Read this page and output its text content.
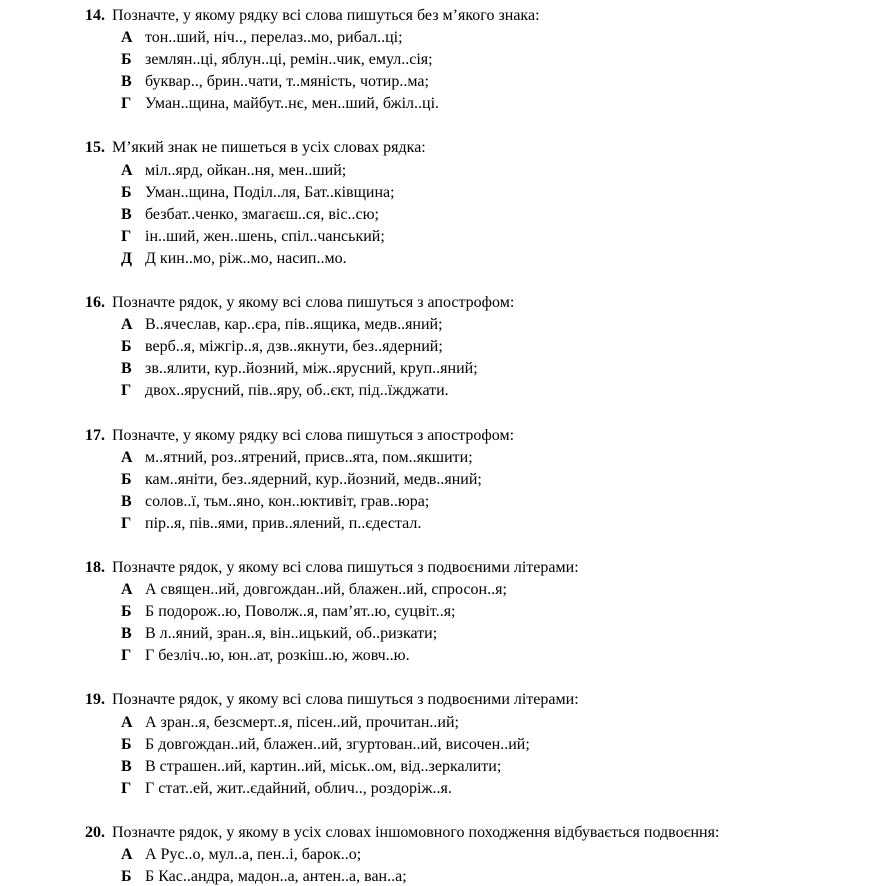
14. Позначте, у якому рядку всі слова пишуться без м’якого знака:
А тон..ший, ніч.., перелаз..мо, рибал..ці;
Б землян..ці, яблун..ці, ремін..чик, емул..сія;
В буквар.., брин..чати, т..мяність, чотир..ма;
Г Уман..щина, майбут..нє, мен..ший, бжіл..ці.
15. М’який знак не пишеться в усіх словах рядка:
А міл..ярд, ойкан..ня, мен..ший;
Б Уман..щина, Поділ..ля, Бат..ківщина;
В безбат..ченко, змагаєш..ся, віс..сю;
Г ін..ший, жен..шень, спіл..чанський;
Д Д кин..мо, ріж..мо, насип..мо.
16. Позначте рядок, у якому всі слова пишуться з апострофом:
А В..ячеслав, кар..єра, пів..ящика, медв..яний;
Б верб..я, міжгір..я, дзв..якнути, без..ядерний;
В зв..ялити, кур..йозний, між..ярусний, круп..яний;
Г двох..ярусний, пів..яру, об..єкт, під..їжджати.
17. Позначте, у якому рядку всі слова пишуться з апострофом:
А м..ятний, роз..ятрений, присв..ята, пом..якшити;
Б кам..яніти, без..ядерний, кур..йозний, медв..яний;
В солов..ї, тьм..яно, кон..юктивіт, грав..юра;
Г пір..я, пів..ями, прив..ялений, п..єдестал.
18. Позначте рядок, у якому всі слова пишуться з подвоєними літерами:
А А священ..ий, довгождан..ий, блажен..ий, спросон..я;
Б Б подорож..ю, Поволж..я, пам’ят..ю, суцвіт..я;
В В л..яний, зран..я, він..ицький, об..ризкати;
Г Г безліч..ю, юн..ат, розкіш..ю, жовч..ю.
19. Позначте рядок, у якому всі слова пишуться з подвоєними літерами:
А А зран..я, безсмерт..я, пісен..ий, прочитан..ий;
Б Б довгождан..ий, блажен..ий, згуртован..ий, височен..ий;
В В страшен..ий, картин..ий, міськ..ом, від..зеркалити;
Г Г стат..ей, жит..єдайний, облич.., роздоріж..я.
20. Позначте рядок, у якому в усіх словах іншомовного походження відбувається подвоєння:
А А Рус..о, мул..а, пен..і, барок..о;
Б Б Кас..андра, мадон..а, антен..а, ван..а;
